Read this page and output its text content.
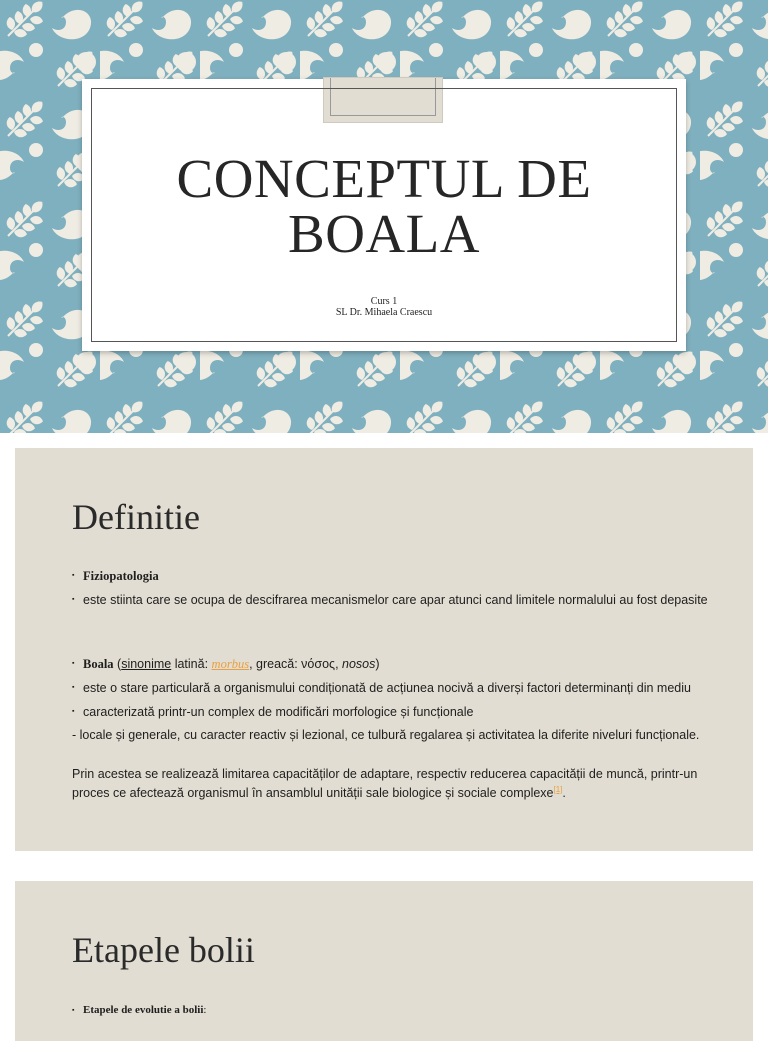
CONCEPTUL DE
BOALA
Curs 1
SL Dr. Mihaela Craescu
Definitie
▪ Fiziopatologia
▪ este stiinta care se ocupa de descifrarea mecanismelor care apar atunci cand limitele normalului au fost depasite
▪ Boala (sinonime latină: morbus, greacă: νόσος, nosos)
▪ este o stare particulară a organismului condiționată de acțiunea nocivă a diverși factori determinanți din mediu
▪ caracterizată printr-un complex de modificări morfologice și funcționale
- locale și generale, cu caracter reactiv și lezional, ce tulbură regalarea și activitatea la diferite niveluri funcționale.
Prin acestea se realizează limitarea capacităților de adaptare, respectiv reducerea capacității de muncă, printr-un proces ce afectează organismul în ansamblul unității sale biologice și sociale complexe[1].
Etapele bolii
▪ Etapele de evolutie a bolii:
